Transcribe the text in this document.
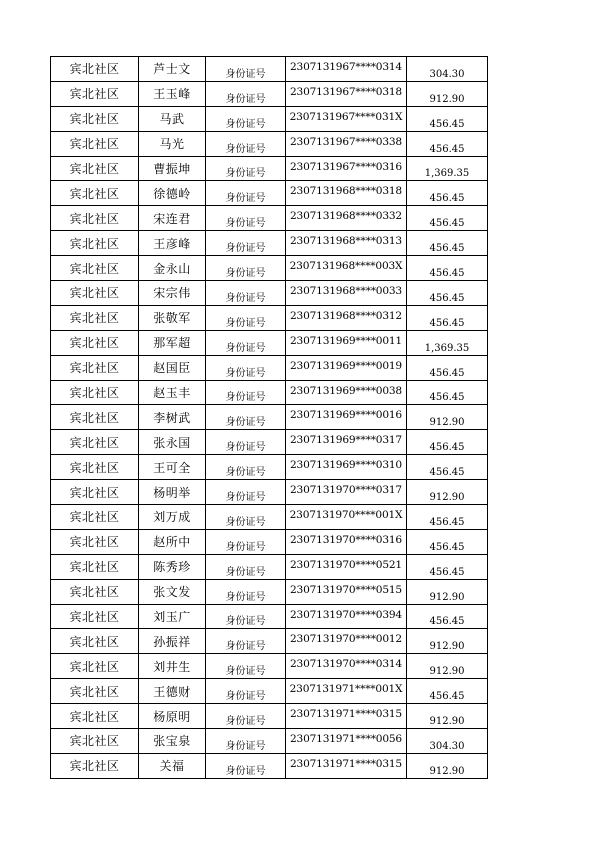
宾北社区	芦士文	身份证号	2307131967****0314	304.30
宾北社区	王玉峰	身份证号	2307131967****0318	912.90
宾北社区	马武	身份证号	2307131967****031X	456.45
宾北社区	马光	身份证号	2307131967****0338	456.45
宾北社区	曹振坤	身份证号	2307131967****0316	1,369.35
宾北社区	徐德岭	身份证号	2307131968****0318	456.45
宾北社区	宋连君	身份证号	2307131968****0332	456.45
宾北社区	王彦峰	身份证号	2307131968****0313	456.45
宾北社区	金永山	身份证号	2307131968****003X	456.45
宾北社区	宋宗伟	身份证号	2307131968****0033	456.45
宾北社区	张敬军	身份证号	2307131968****0312	456.45
宾北社区	那军超	身份证号	2307131969****0011	1,369.35
宾北社区	赵国臣	身份证号	2307131969****0019	456.45
宾北社区	赵玉丰	身份证号	2307131969****0038	456.45
宾北社区	李树武	身份证号	2307131969****0016	912.90
宾北社区	张永国	身份证号	2307131969****0317	456.45
宾北社区	王可全	身份证号	2307131969****0310	456.45
宾北社区	杨明举	身份证号	2307131970****0317	912.90
宾北社区	刘万成	身份证号	2307131970****001X	456.45
宾北社区	赵所中	身份证号	2307131970****0316	456.45
宾北社区	陈秀珍	身份证号	2307131970****0521	456.45
宾北社区	张文发	身份证号	2307131970****0515	912.90
宾北社区	刘玉广	身份证号	2307131970****0394	456.45
宾北社区	孙振祥	身份证号	2307131970****0012	912.90
宾北社区	刘井生	身份证号	2307131970****0314	912.90
宾北社区	王德财	身份证号	2307131971****001X	456.45
宾北社区	杨原明	身份证号	2307131971****0315	912.90
宾北社区	张宝泉	身份证号	2307131971****0056	304.30
宾北社区	关福	身份证号	2307131971****0315	912.90
